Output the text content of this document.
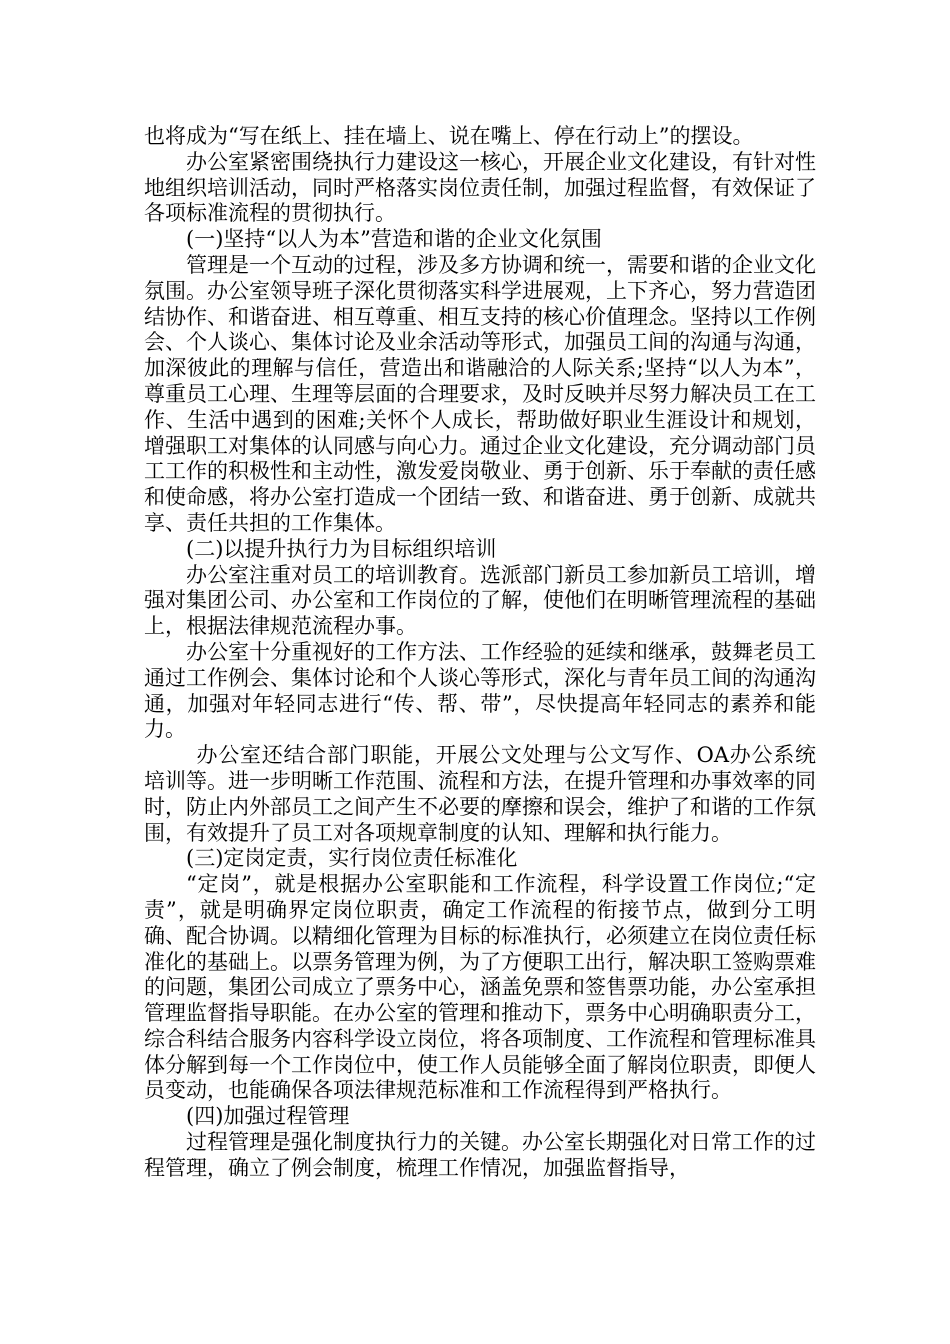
也将成为“写在纸上、挂在墙上、说在嘴上、停在行动上”的摆设。

办公室紧密围绕执行力建设这一核心，开展企业文化建设，有针对性地组织培训活动，同时严格落实岗位责任制，加强过程监督，有效保证了各项标准流程的贯彻执行。

(一)坚持“以人为本”营造和谐的企业文化氛围

管理是一个互动的过程，涉及多方协调和统一，需要和谐的企业文化氛围。办公室领导班子深化贯彻落实科学进展观，上下齐心，努力营造团结协作、和谐奋进、相互尊重、相互支持的核心价值理念。坚持以工作例会、个人谈心、集体讨论及业余活动等形式，加强员工间的沟通与沟通，加深彼此的理解与信任，营造出和谐融洽的人际关系;坚持“以人为本”，尊重员工心理、生理等层面的合理要求，及时反映并尽努力解决员工在工作、生活中遇到的困难;关怀个人成长，帮助做好职业生涯设计和规划，增强职工对集体的认同感与向心力。通过企业文化建设，充分调动部门员工工作的积极性和主动性，激发爱岗敬业、勇于创新、乐于奉献的责任感和使命感，将办公室打造成一个团结一致、和谐奋进、勇于创新、成就共享、责任共担的工作集体。

(二)以提升执行力为目标组织培训

办公室注重对员工的培训教育。选派部门新员工参加新员工培训，增强对集团公司、办公室和工作岗位的了解，使他们在明晰管理流程的基础上，根据法律规范流程办事。

办公室十分重视好的工作方法、工作经验的延续和继承，鼓舞老员工通过工作例会、集体讨论和个人谈心等形式，深化与青年员工间的沟通沟通，加强对年轻同志进行“传、帮、带”，尽快提高年轻同志的素养和能力。

办公室还结合部门职能，开展公文处理与公文写作、OA办公系统培训等。进一步明晰工作范围、流程和方法，在提升管理和办事效率的同时，防止内外部员工之间产生不必要的摩擦和误会，维护了和谐的工作氛围，有效提升了员工对各项规章制度的认知、理解和执行能力。

(三)定岗定责，实行岗位责任标准化

“定岗”，就是根据办公室职能和工作流程，科学设置工作岗位;“定责”，就是明确界定岗位职责，确定工作流程的衔接节点，做到分工明确、配合协调。以精细化管理为目标的标准执行，必须建立在岗位责任标准化的基础上。以票务管理为例，为了方便职工出行，解决职工签购票难的问题，集团公司成立了票务中心，涵盖免票和签售票功能，办公室承担管理监督指导职能。在办公室的管理和推动下，票务中心明确职责分工，综合科结合服务内容科学设立岗位，将各项制度、工作流程和管理标准具体分解到每一个工作岗位中，使工作人员能够全面了解岗位职责，即便人员变动，也能确保各项法律规范标准和工作流程得到严格执行。

(四)加强过程管理

过程管理是强化制度执行力的关键。办公室长期强化对日常工作的过程管理，确立了例会制度，梳理工作情况，加强监督指导，
